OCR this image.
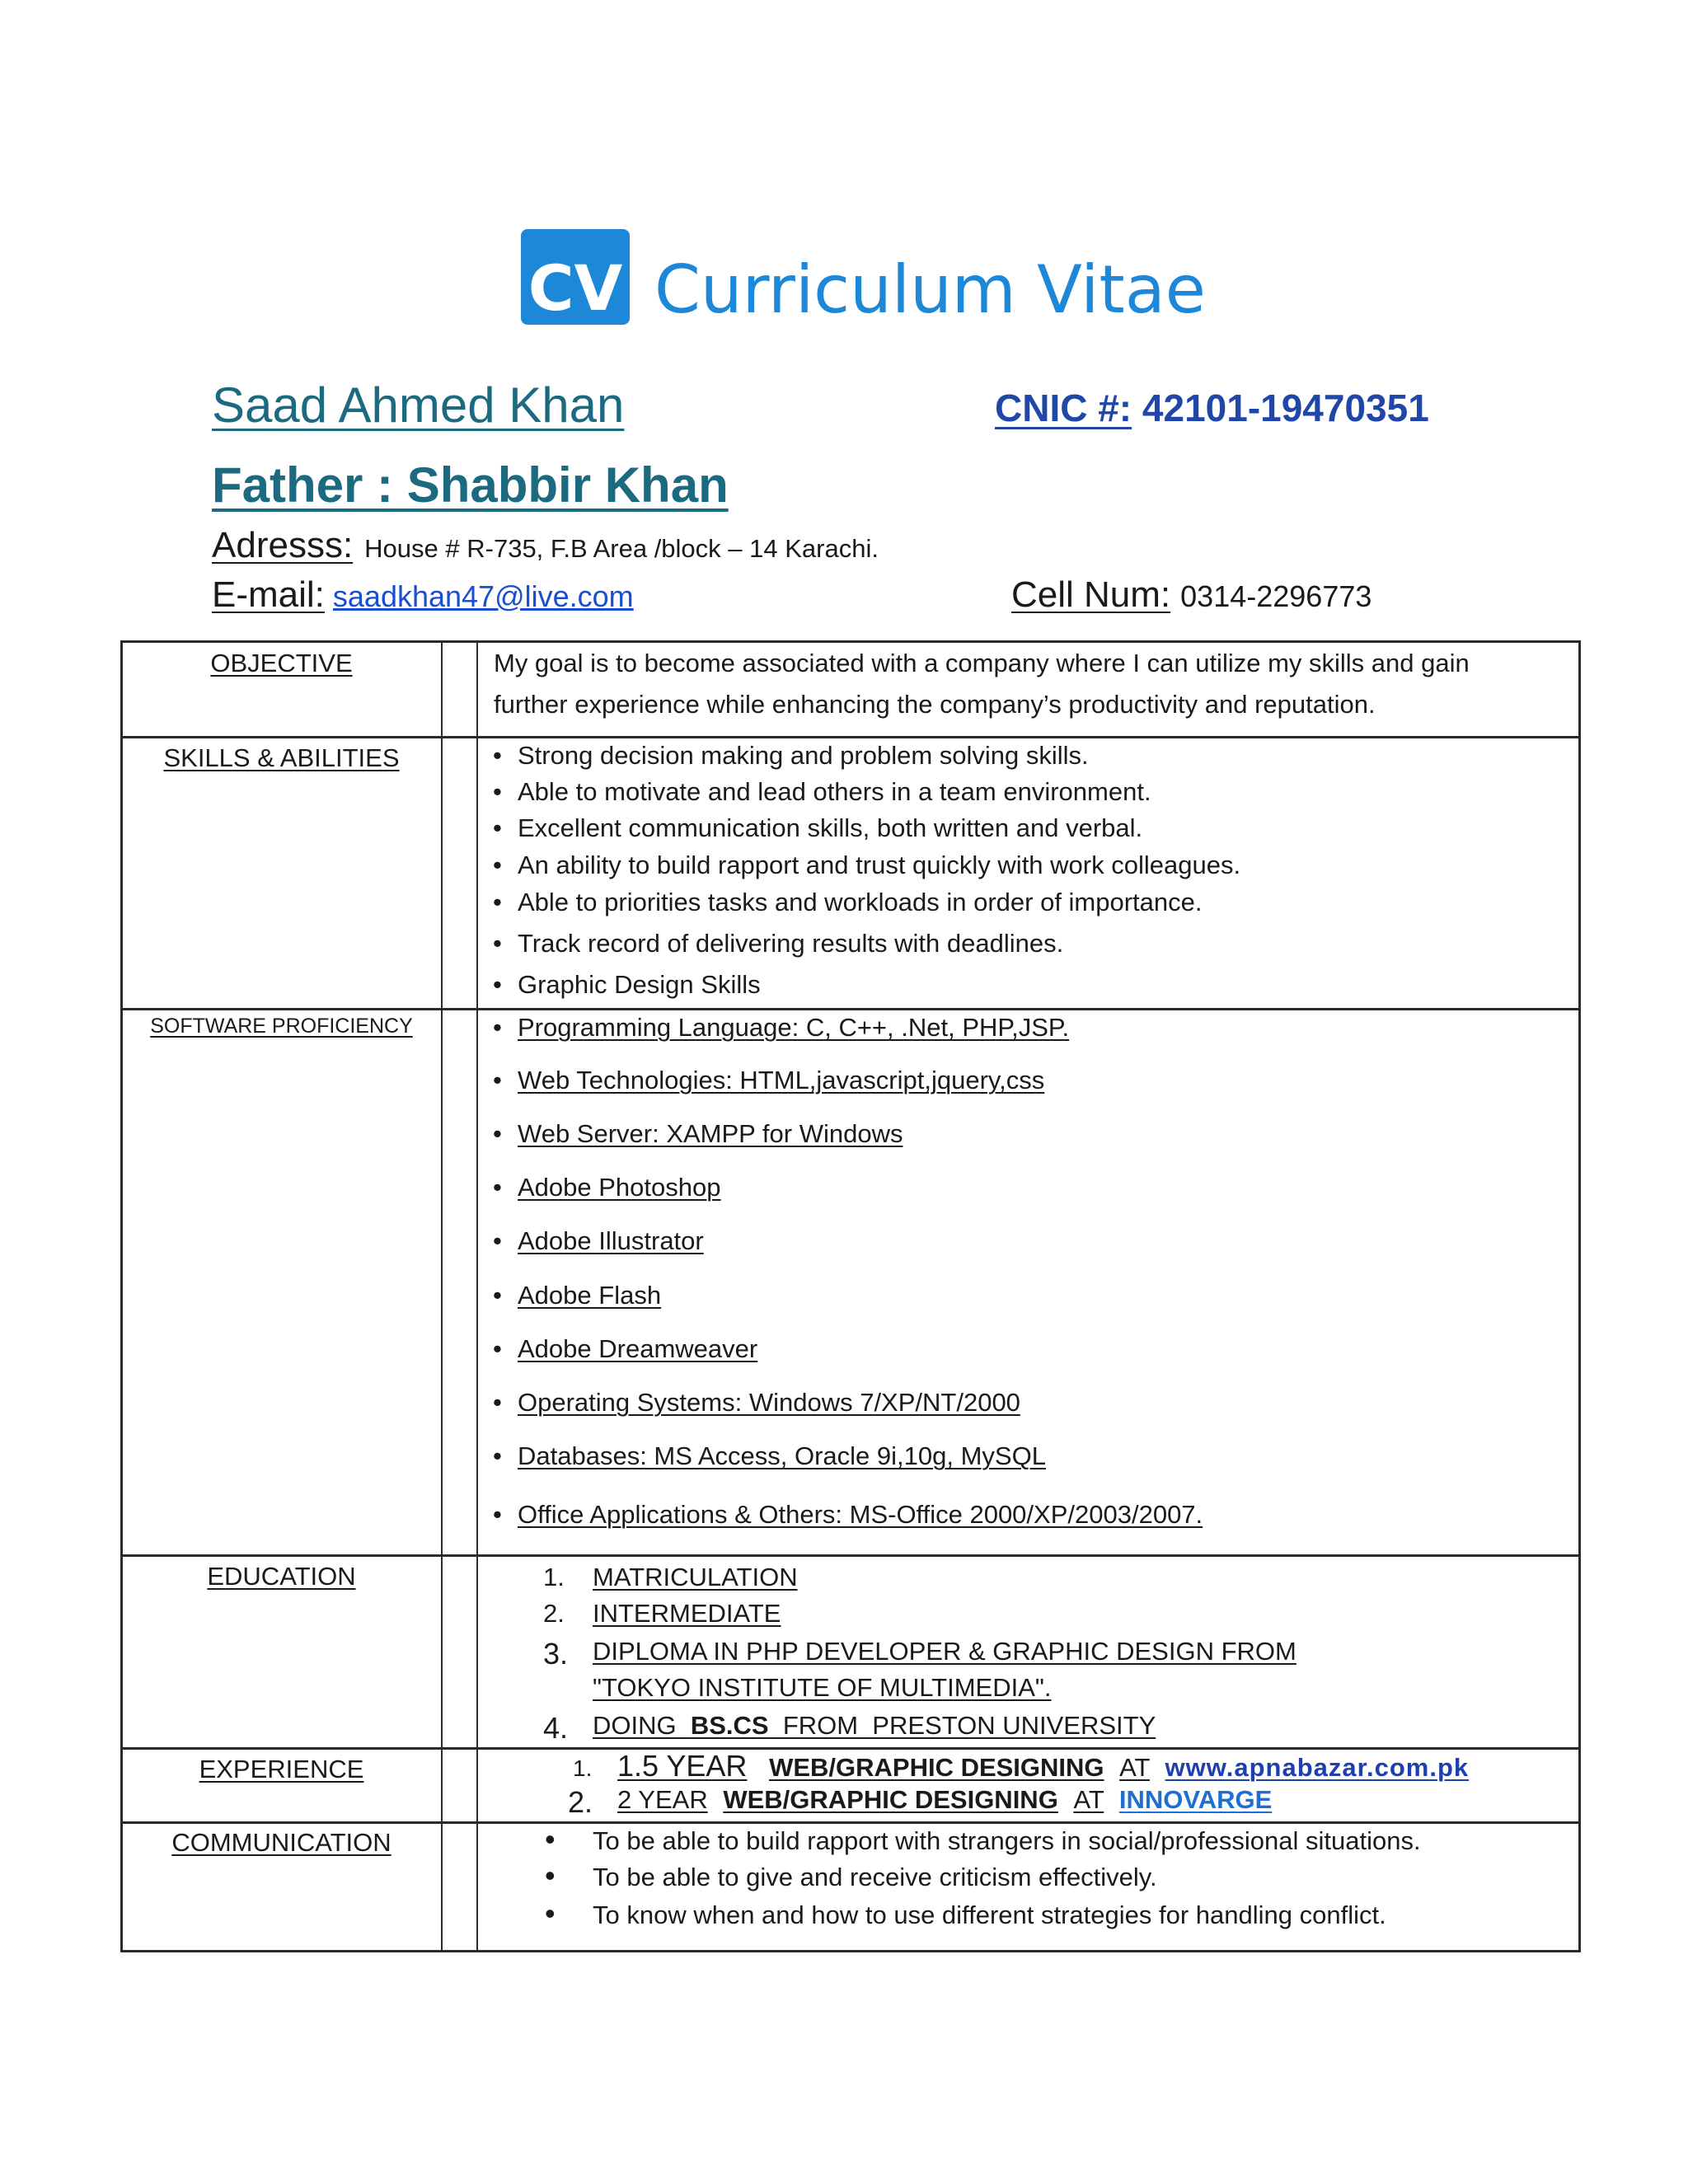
CV Curriculum Vitae
Saad Ahmed Khan	CNIC #: 42101-19470351
Father : Shabbir Khan
Adresss: House # R-735, F.B Area /block – 14 Karachi.
E-mail: saadkhan47@live.com	Cell Num: 0314-2296773
OBJECTIVE	My goal is to become associated with a company where I can utilize my skills and gain
further experience while enhancing the company’s productivity and reputation.
SKILLS & ABILITIES	• Strong decision making and problem solving skills.
• Able to motivate and lead others in a team environment.
• Excellent communication skills, both written and verbal.
• An ability to build rapport and trust quickly with work colleagues.
• Able to priorities tasks and workloads in order of importance.
• Track record of delivering results with deadlines.
• Graphic Design Skills
SOFTWARE PROFICIENCY	• Programming Language: C, C++, .Net, PHP,JSP.
• Web Technologies: HTML,javascript,jquery,css
• Web Server: XAMPP for Windows
• Adobe Photoshop
• Adobe Illustrator
• Adobe Flash
• Adobe Dreamweaver
• Operating Systems: Windows 7/XP/NT/2000
• Databases: MS Access, Oracle 9i,10g, MySQL
• Office Applications & Others: MS-Office 2000/XP/2003/2007.
EDUCATION	1. MATRICULATION
2. INTERMEDIATE
3. DIPLOMA IN PHP DEVELOPER & GRAPHIC DESIGN FROM
"TOKYO INSTITUTE OF MULTIMEDIA".
4. DOING  BS.CS  FROM  PRESTON UNIVERSITY
EXPERIENCE	1. 1.5 YEAR WEB/GRAPHIC DESIGNING AT www.apnabazar.com.pk
2. 2 YEAR WEB/GRAPHIC DESIGNING AT INNOVARGE
COMMUNICATION	• To be able to build rapport with strangers in social/professional situations.
• To be able to give and receive criticism effectively.
• To know when and how to use different strategies for handling conflict.
